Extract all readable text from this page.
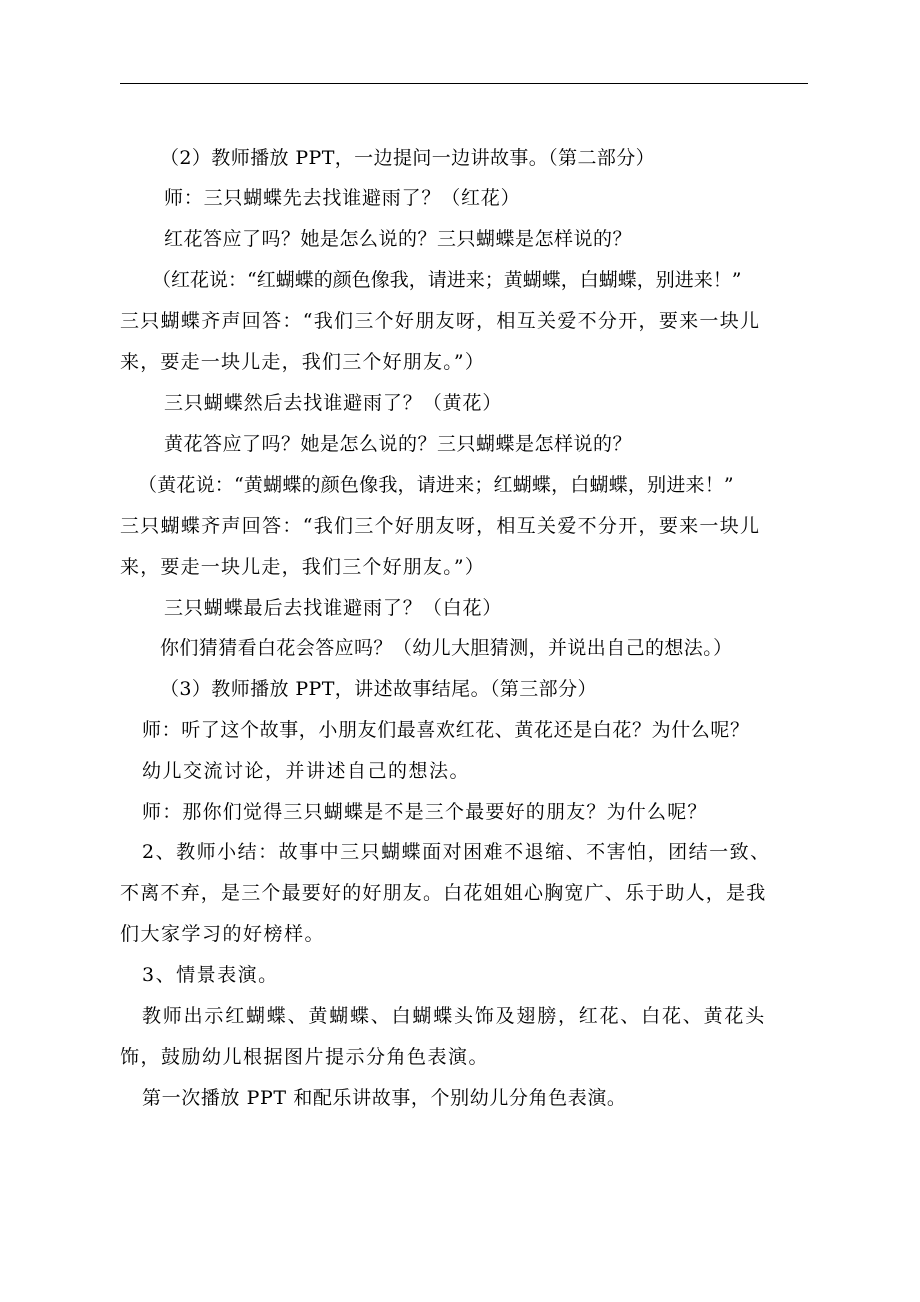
（2）教师播放 PPT，一边提问一边讲故事。（第二部分）
师：三只蝴蝶先去找谁避雨了？（红花）
红花答应了吗？她是怎么说的？三只蝴蝶是怎样说的？
（红花说：“红蝴蝶的颜色像我，请进来；黄蝴蝶，白蝴蝶，别进来！”
三只蝴蝶齐声回答：“我们三个好朋友呀，相互关爱不分开，要来一块儿
来，要走一块儿走，我们三个好朋友。”）
三只蝴蝶然后去找谁避雨了？（黄花）
黄花答应了吗？她是怎么说的？三只蝴蝶是怎样说的？
（黄花说：“黄蝴蝶的颜色像我，请进来；红蝴蝶，白蝴蝶，别进来！”
三只蝴蝶齐声回答：“我们三个好朋友呀，相互关爱不分开，要来一块儿
来，要走一块儿走，我们三个好朋友。”）
三只蝴蝶最后去找谁避雨了？（白花）
你们猜猜看白花会答应吗？（幼儿大胆猜测，并说出自己的想法。）
（3）教师播放 PPT，讲述故事结尾。（第三部分）
师：听了这个故事，小朋友们最喜欢红花、黄花还是白花？为什么呢？
幼儿交流讨论，并讲述自己的想法。
师：那你们觉得三只蝴蝶是不是三个最要好的朋友？为什么呢？
2、教师小结：故事中三只蝴蝶面对困难不退缩、不害怕，团结一致、
不离不弃，是三个最要好的好朋友。白花姐姐心胸宽广、乐于助人，是我
们大家学习的好榜样。
3、情景表演。
教师出示红蝴蝶、黄蝴蝶、白蝴蝶头饰及翅膀，红花、白花、黄花头
饰，鼓励幼儿根据图片提示分角色表演。
第一次播放 PPT 和配乐讲故事，个别幼儿分角色表演。
